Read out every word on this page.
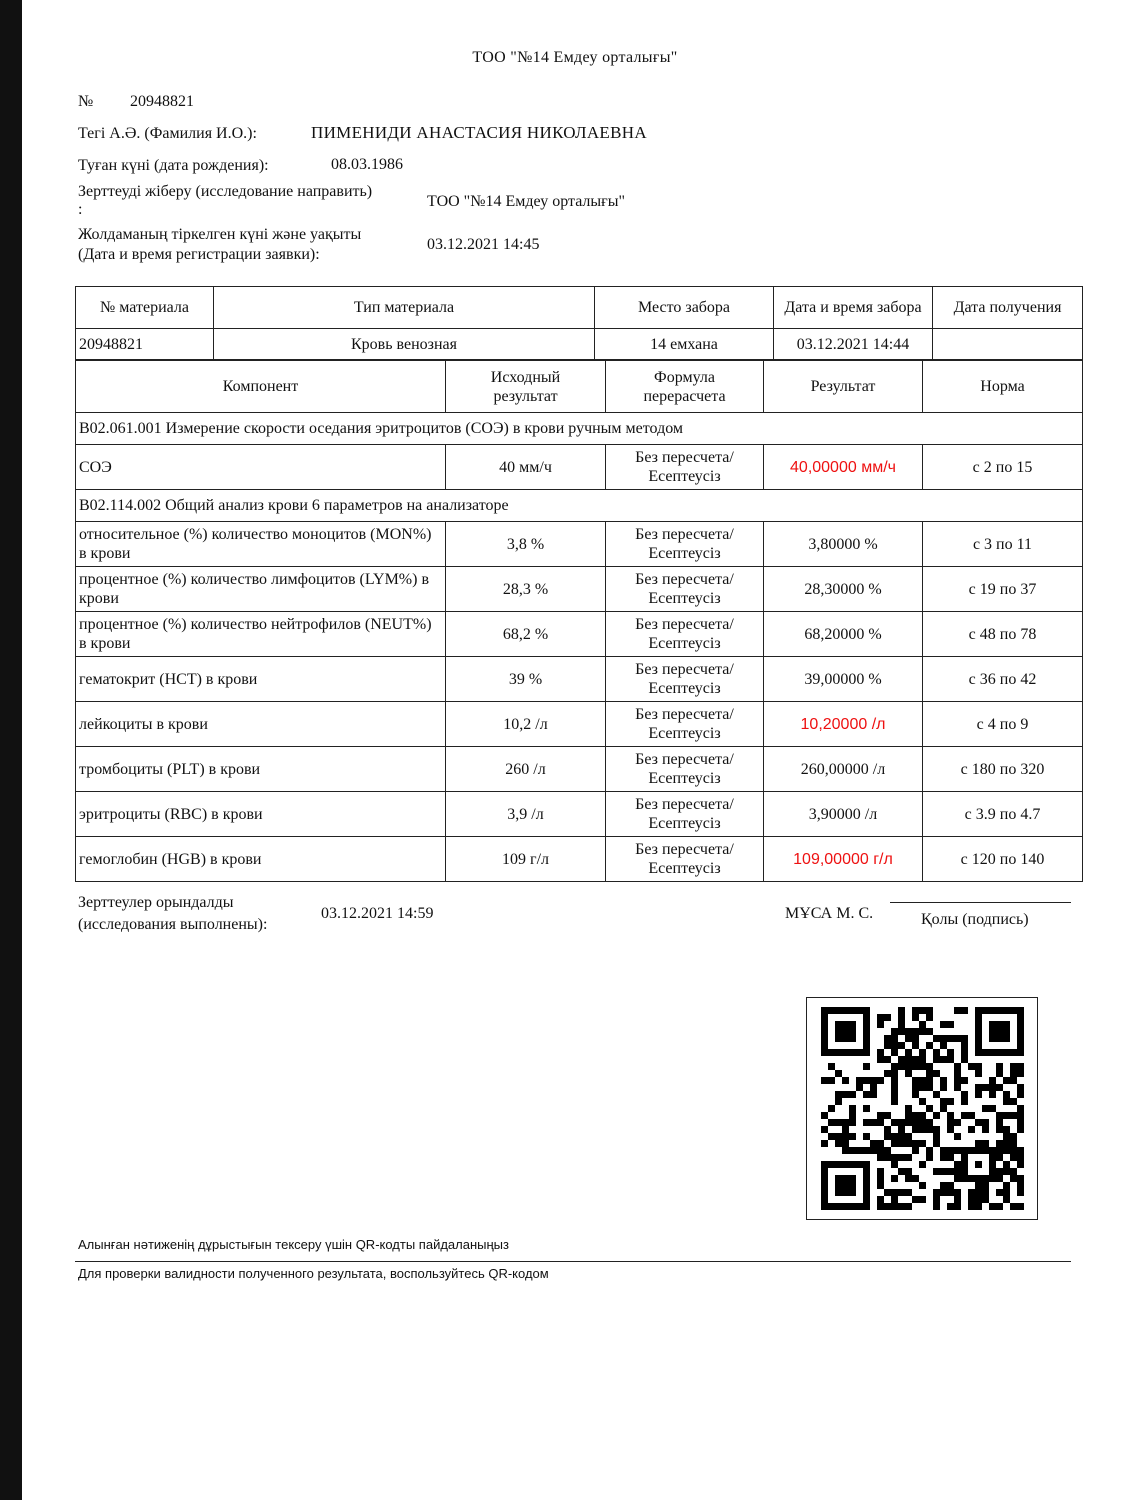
ТОО "№14 Емдеу орталығы"
№ 20948821
Тегі А.Ә. (Фамилия И.О.):	ПИМЕНИДИ АНАСТАСИЯ НИКОЛАЕВНА
Туған күні (дата рождения):	08.03.1986
Зерттеуді жіберу (исследование направить)
:	ТОО "№14 Емдеу орталығы"
Жолдаманың тіркелген күні және уақыты
(Дата и время регистрации заявки):
03.12.2021 14:45
№ материала	Тип материала	Место забора	Дата и время забора	Дата получения
20948821	Кровь венозная	14 емхана	03.12.2021 14:44	
Компонент	Исходный результат	Формула перерасчета	Результат	Норма
B02.061.001 Измерение скорости оседания эритроцитов (СОЭ) в крови ручным методом				
СОЭ	40 мм/ч	Без пересчета/ Есептеусіз	40,00000 мм/ч	с 2 по 15
B02.114.002 Общий анализ крови 6 параметров на анализаторе				
относительное (%) количество моноцитов (MON%) в крови	3,8 %	Без пересчета/ Есептеусіз	3,80000 %	с 3 по 11
процентное (%) количество лимфоцитов (LYM%) в крови	28,3 %	Без пересчета/ Есептеусіз	28,30000 %	с 19 по 37
процентное (%) количество нейтрофилов (NEUT%) в крови	68,2 %	Без пересчета/ Есептеусіз	68,20000 %	с 48 по 78
гематокрит (HCT) в крови	39 %	Без пересчета/ Есептеусіз	39,00000 %	с 36 по 42
лейкоциты в крови	10,2 /л	Без пересчета/ Есептеусіз	10,20000 /л	с 4 по 9
тромбоциты (PLT) в крови	260 /л	Без пересчета/ Есептеусіз	260,00000 /л	с 180 по 320
эритроциты (RBC) в крови	3,9 /л	Без пересчета/ Есептеусіз	3,90000 /л	с 3.9 по 4.7
гемоглобин (HGB) в крови	109 г/л	Без пересчета/ Есептеусіз	109,00000 г/л	с 120 по 140
Зерттеулер орындалды
(исследования выполнены):
03.12.2021 14:59	МҰСА М. С.	Қолы (подпись)
Алынған нәтиженің дұрыстығын тексеру үшін QR-кодты пайдаланыңыз
Для проверки валидности полученного результата, воспользуйтесь QR-кодом
